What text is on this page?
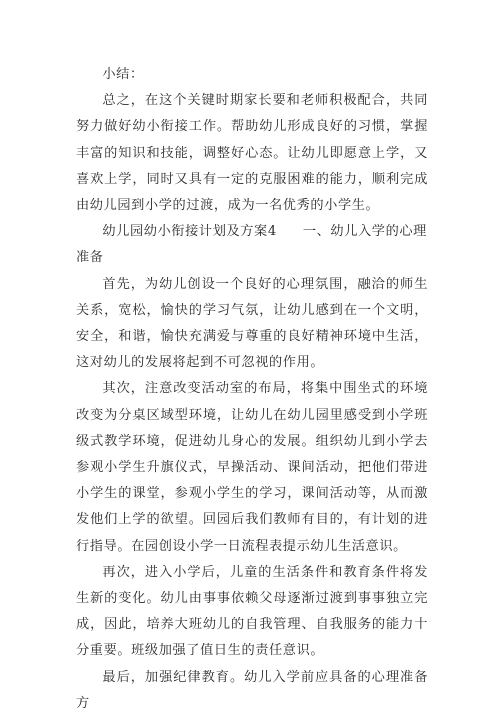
小结：

总之，在这个关键时期家长要和老师积极配合，共同努力做好幼小衔接工作。帮助幼儿形成良好的习惯，掌握丰富的知识和技能，调整好心态。让幼儿即愿意上学，又喜欢上学，同时又具有一定的克服困难的能力，顺利完成由幼儿园到小学的过渡，成为一名优秀的小学生。

幼儿园幼小衔接计划及方案4 一、幼儿入学的心理准备

首先，为幼儿创设一个良好的心理氛围，融洽的师生关系，宽松，愉快的学习气氛，让幼儿感到在一个文明，安全，和谐，愉快充满爱与尊重的良好精神环境中生活，这对幼儿的发展将起到不可忽视的作用。

其次，注意改变活动室的布局，将集中围坐式的环境改变为分桌区域型环境，让幼儿在幼儿园里感受到小学班级式教学环境，促进幼儿身心的发展。组织幼儿到小学去参观小学生升旗仪式，早操活动、课间活动，把他们带进小学生的课堂，参观小学生的学习，课间活动等，从而激发他们上学的欲望。回园后我们教师有目的，有计划的进行指导。在园创设小学一日流程表提示幼儿生活意识。

再次，进入小学后，儿童的生活条件和教育条件将发生新的变化。幼儿由事事依赖父母逐渐过渡到事事独立完成，因此，培养大班幼儿的自我管理、自我服务的能力十分重要。班级加强了值日生的责任意识。

最后，加强纪律教育。幼儿入学前应具备的心理准备方
